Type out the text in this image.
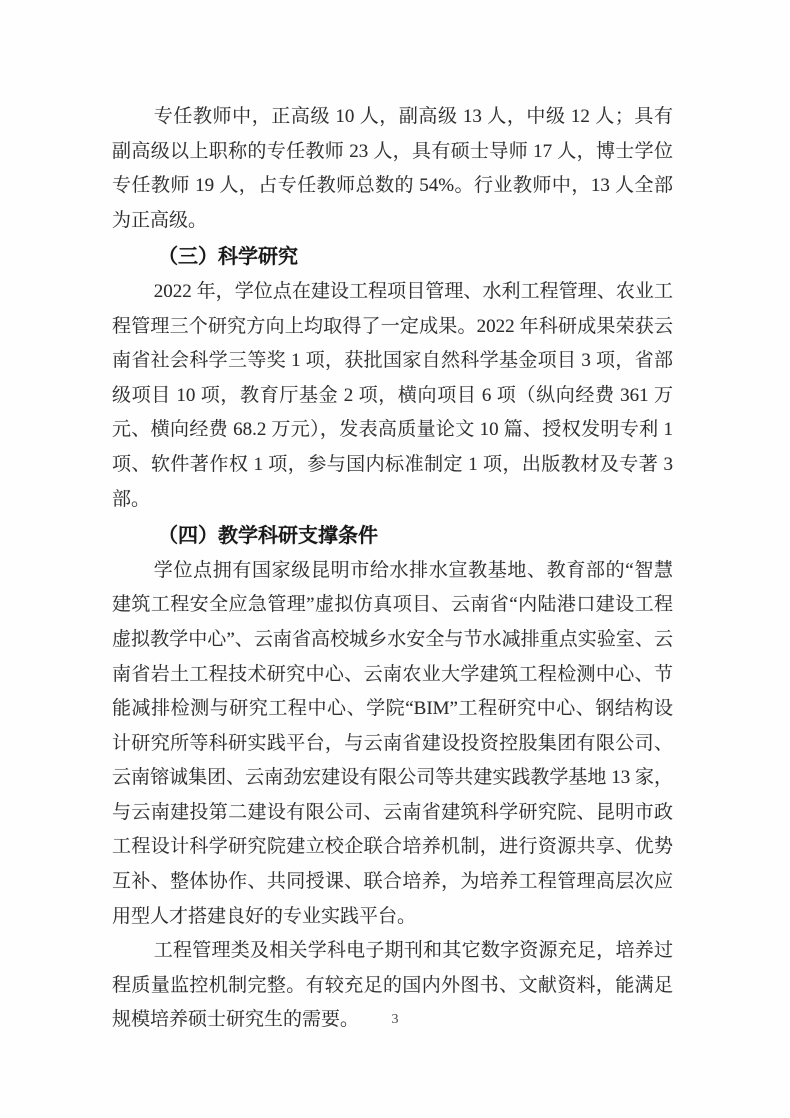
专任教师中，正高级 10 人，副高级 13 人，中级 12 人；具有副高级以上职称的专任教师 23 人，具有硕士导师 17 人，博士学位专任教师 19 人，占专任教师总数的 54%。行业教师中，13 人全部为正高级。

（三）科学研究

2022 年，学位点在建设工程项目管理、水利工程管理、农业工程管理三个研究方向上均取得了一定成果。2022 年科研成果荣获云南省社会科学三等奖 1 项，获批国家自然科学基金项目 3 项，省部级项目 10 项，教育厅基金 2 项，横向项目 6 项（纵向经费 361 万元、横向经费 68.2 万元），发表高质量论文 10 篇、授权发明专利 1 项、软件著作权 1 项，参与国内标准制定 1 项，出版教材及专著 3 部。

（四）教学科研支撑条件

学位点拥有国家级昆明市给水排水宣教基地、教育部的“智慧建筑工程安全应急管理”虚拟仿真项目、云南省“内陆港口建设工程虚拟教学中心”、云南省高校城乡水安全与节水减排重点实验室、云南省岩土工程技术研究中心、云南农业大学建筑工程检测中心、节能减排检测与研究工程中心、学院“BIM”工程研究中心、钢结构设计研究所等科研实践平台，与云南省建设投资控股集团有限公司、云南镕诚集团、云南劲宏建设有限公司等共建实践教学基地 13 家，与云南建投第二建设有限公司、云南省建筑科学研究院、昆明市政工程设计科学研究院建立校企联合培养机制，进行资源共享、优势互补、整体协作、共同授课、联合培养，为培养工程管理高层次应用型人才搭建良好的专业实践平台。

工程管理类及相关学科电子期刊和其它数字资源充足，培养过程质量监控机制完整。有较充足的国内外图书、文献资料，能满足规模培养硕士研究生的需要。	3
